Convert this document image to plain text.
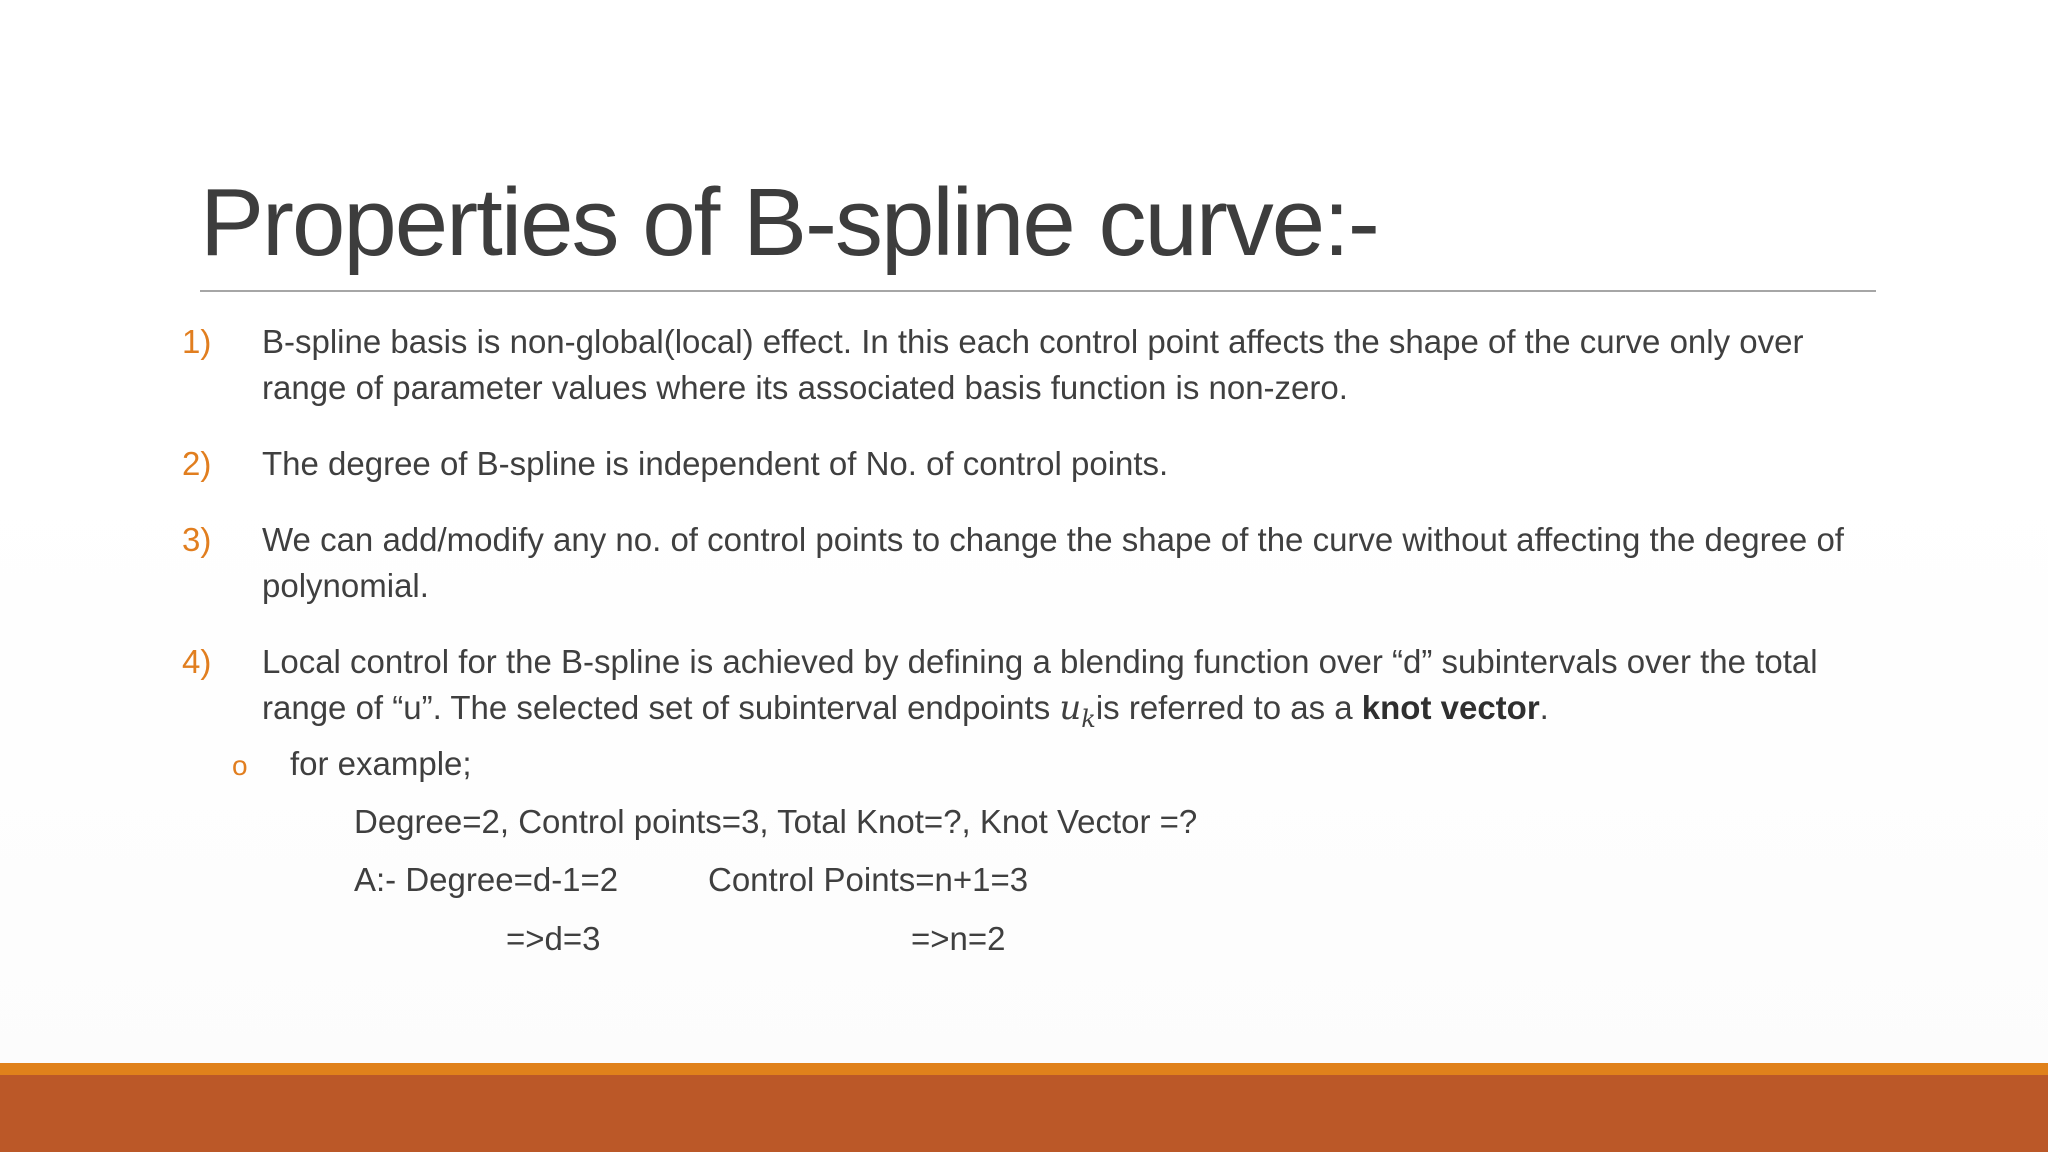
Properties of B-spline curve:-
1) B-spline basis is non-global(local) effect. In this each control point affects the shape of the curve only over range of parameter values where its associated basis function is non-zero.
2) The degree of B-spline is independent of No. of control points.
3) We can add/modify any no. of control points to change the shape of the curve without affecting the degree of polynomial.
4) Local control for the B-spline is achieved by defining a blending function over “d” subintervals over the total range of “u”. The selected set of subinterval endpoints $u_kis$ referred to as a knot vector.
o for example;
Degree=2, Control points=3, Total Knot=?, Knot Vector =?
A:- Degree=d-1=2	Control Points=n+1=3
=>d=3	=>n=2
